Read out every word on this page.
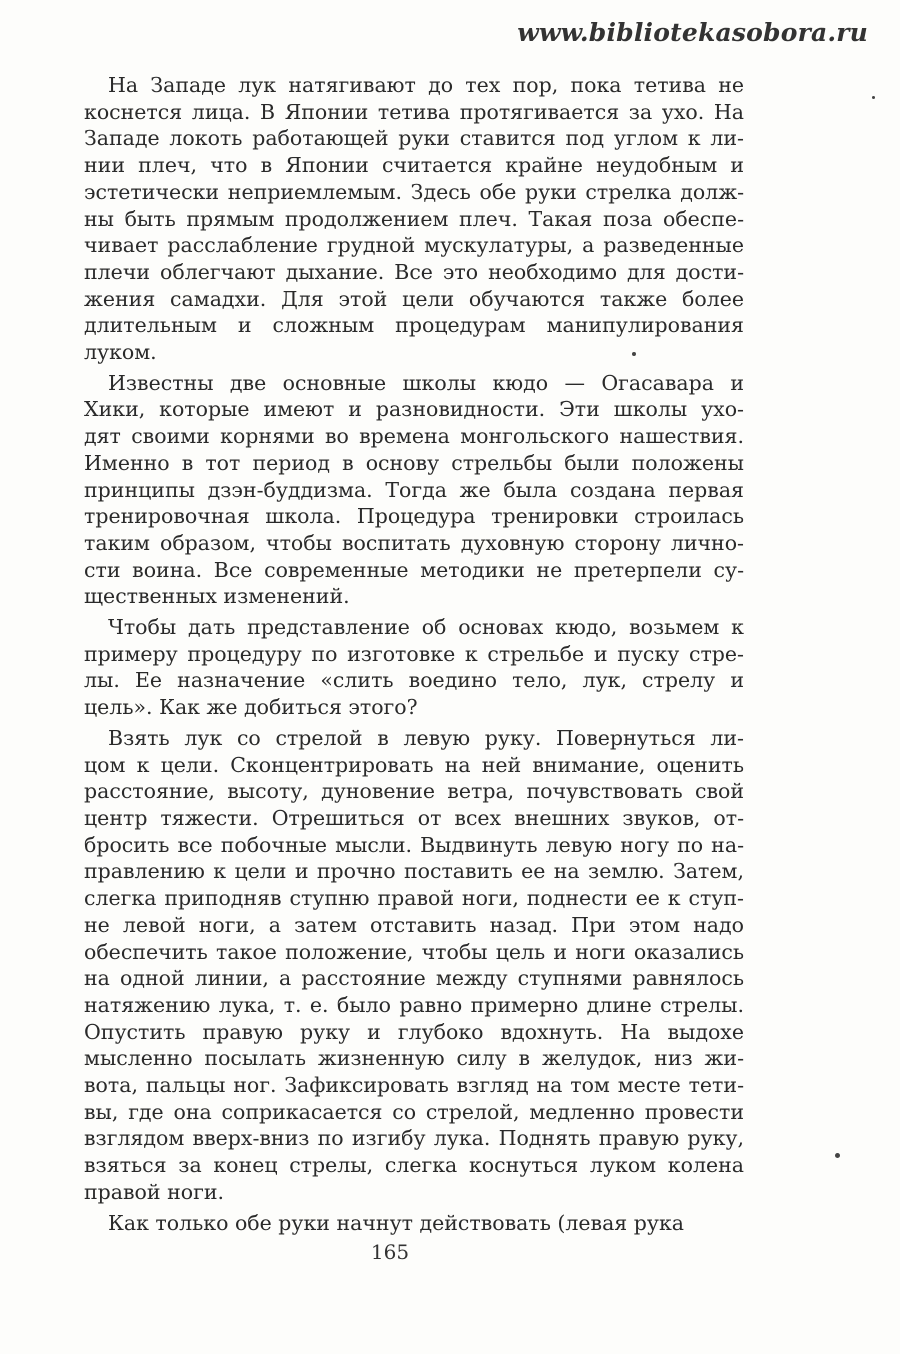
www.bibliotekasobora.ru
На Западе лук натягивают до тех пор, пока тетива не
коснется лица. В Японии тетива протягивается за ухо. На
Западе локоть работающей руки ставится под углом к ли-
нии плеч, что в Японии считается крайне неудобным и
эстетически неприемлемым. Здесь обе руки стрелка долж-
ны быть прямым продолжением плеч. Такая поза обеспе-
чивает расслабление грудной мускулатуры, а разведенные
плечи облегчают дыхание. Все это необходимо для дости-
жения самадхи. Для этой цели обучаются также более
длительным и сложным процедурам манипулирования
луком.
Известны две основные школы кюдо — Огасавара и
Хики, которые имеют и разновидности. Эти школы ухо-
дят своими корнями во времена монгольского нашествия.
Именно в тот период в основу стрельбы были положены
принципы дзэн-буддизма. Тогда же была создана первая
тренировочная школа. Процедура тренировки строилась
таким образом, чтобы воспитать духовную сторону лично-
сти воина. Все современные методики не претерпели су-
щественных изменений.
Чтобы дать представление об основах кюдо, возьмем к
примеру процедуру по изготовке к стрельбе и пуску стре-
лы. Ее назначение «слить воедино тело, лук, стрелу и
цель». Как же добиться этого?
Взять лук со стрелой в левую руку. Повернуться ли-
цом к цели. Сконцентрировать на ней внимание, оценить
расстояние, высоту, дуновение ветра, почувствовать свой
центр тяжести. Отрешиться от всех внешних звуков, от-
бросить все побочные мысли. Выдвинуть левую ногу по на-
правлению к цели и прочно поставить ее на землю. Затем,
слегка приподняв ступню правой ноги, поднести ее к ступ-
не левой ноги, а затем отставить назад. При этом надо
обеспечить такое положение, чтобы цель и ноги оказались
на одной линии, а расстояние между ступнями равнялось
натяжению лука, т. е. было равно примерно длине стрелы.
Опустить правую руку и глубоко вдохнуть. На выдохе
мысленно посылать жизненную силу в желудок, низ жи-
вота, пальцы ног. Зафиксировать взгляд на том месте тети-
вы, где она соприкасается со стрелой, медленно провести
взглядом вверх-вниз по изгибу лука. Поднять правую руку,
взяться за конец стрелы, слегка коснуться луком колена
правой ноги.
Как только обе руки начнут действовать (левая рука
165
